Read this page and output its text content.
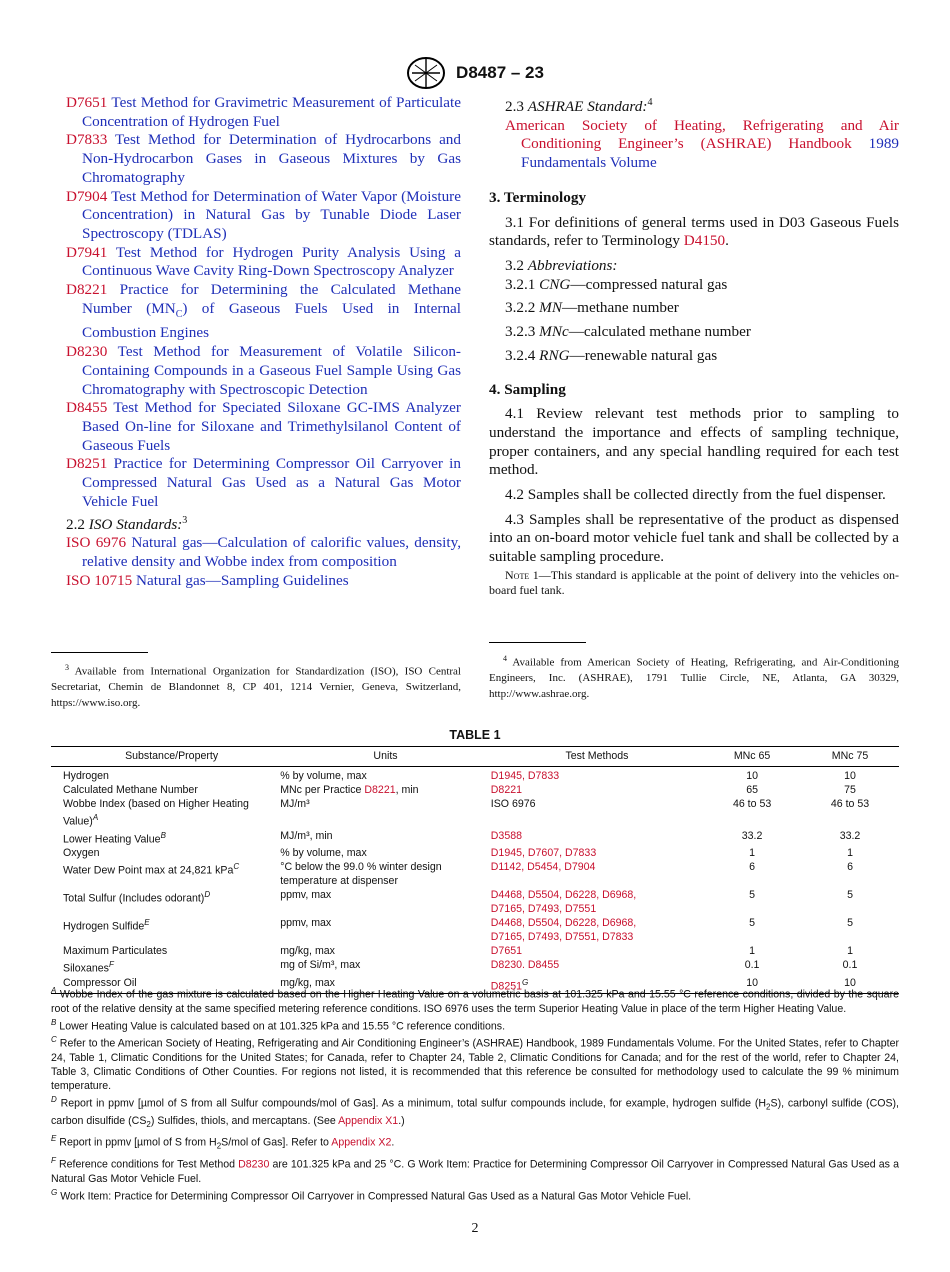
D8487 – 23

D7651 Test Method for Gravimetric Measurement of Particulate Concentration of Hydrogen Fuel

D7833 Test Method for Determination of Hydrocarbons and Non-Hydrocarbon Gases in Gaseous Mixtures by Gas Chromatography

D7904 Test Method for Determination of Water Vapor (Moisture Concentration) in Natural Gas by Tunable Diode Laser Spectroscopy (TDLAS)

D7941 Test Method for Hydrogen Purity Analysis Using a Continuous Wave Cavity Ring-Down Spectroscopy Analyzer

D8221 Practice for Determining the Calculated Methane Number $(MN_C)$ of Gaseous Fuels Used in Internal Combustion Engines

D8230 Test Method for Measurement of Volatile Silicon-Containing Compounds in a Gaseous Fuel Sample Using Gas Chromatography with Spectroscopic Detection

D8455 Test Method for Speciated Siloxane GC-IMS Analyzer Based On-line for Siloxane and Trimethylsilanol Content of Gaseous Fuels

D8251 Practice for Determining Compressor Oil Carryover in Compressed Natural Gas Used as a Natural Gas Motor Vehicle Fuel

2.2 ISO Standards:$^3$

ISO 6976 Natural gas—Calculation of calorific values, density, relative density and Wobbe index from composition

ISO 10715 Natural gas—Sampling Guidelines

$^3$ Available from International Organization for Standardization (ISO), ISO Central Secretariat, Chemin de Blandonnet 8, CP 401, 1214 Vernier, Geneva, Switzerland, https://www.iso.org.

2.3 ASHRAE Standard:$^4$

American Society of Heating, Refrigerating and Air Conditioning Engineer’s (ASHRAE) Handbook 1989 Fundamentals Volume

3. Terminology

3.1 For definitions of general terms used in D03 Gaseous Fuels standards, refer to Terminology D4150.

3.2 Abbreviations:

3.2.1 CNG—compressed natural gas

3.2.2 MN—methane number

3.2.3 MNc—calculated methane number

3.2.4 RNG—renewable natural gas

4. Sampling

4.1 Review relevant test methods prior to sampling to understand the importance and effects of sampling technique, proper containers, and any special handling required for each test method.

4.2 Samples shall be collected directly from the fuel dispenser.

4.3 Samples shall be representative of the product as dispensed into an on-board motor vehicle fuel tank and shall be collected by a suitable sampling procedure.

Note 1—This standard is applicable at the point of delivery into the vehicles on-board fuel tank.

$^4$ Available from American Society of Heating, Refrigerating, and Air-Conditioning Engineers, Inc. (ASHRAE), 1791 Tullie Circle, NE, Atlanta, GA 30329, http://www.ashrae.org.

TABLE 1
Substance/Property	Units	Test Methods	MNc 65	MNc 75
Hydrogen	% by volume, max	D1945, D7833	10	10
Calculated Methane Number	MNc per Practice D8221, min	D8221	65	75
Wobbe Index (based on Higher Heating Value)$^A$	MJ/m³	ISO 6976	46 to 53	46 to 53
Lower Heating Value$^B$	MJ/m³, min	D3588	33.2	33.2
Oxygen	% by volume, max	D1945, D7607, D7833	1	1
Water Dew Point max at 24,821 kPa$^C$	°C below the 99.0 % winter design temperature at dispenser	D1142, D5454, D7904	6	6
Total Sulfur (Includes odorant)$^D$	ppmv, max	D4468, D5504, D6228, D6968, D7165, D7493, D7551	5	5
Hydrogen Sulfide$^E$	ppmv, max	D4468, D5504, D6228, D6968, D7165, D7493, D7551, D7833	5	5
Maximum Particulates	mg/kg, max	D7651	1	1
Siloxanes$^F$	mg of Si/m³, max	D8230. D8455	0.1	0.1
Compressor Oil	mg/kg, max	$D8251^G$	10	10

$^A$ Wobbe Index of the gas mixture is calculated based on the Higher Heating Value on a volumetric basis at 101.325 kPa and 15.55 °C reference conditions, divided by the square root of the relative density at the same specified metering reference conditions. ISO 6976 uses the term Superior Heating Value in place of the term Higher Heating Value.

$^B$ Lower Heating Value is calculated based on at 101.325 kPa and 15.55 °C reference conditions.

$^C$ Refer to the American Society of Heating, Refrigerating and Air Conditioning Engineer’s (ASHRAE) Handbook, 1989 Fundamentals Volume. For the United States, refer to Chapter 24, Table 1, Climatic Conditions for the United States; for Canada, refer to Chapter 24, Table 2, Climatic Conditions for Canada; and for the rest of the world, refer to Chapter 24, Table 3, Climatic Conditions of Other Counties. For regions not listed, it is recommended that this reference be consulted for methodology used to calculate the 99 % minimum temperature.

$^D$ Report in ppmv [µmol of S from all Sulfur compounds/mol of Gas]. As a minimum, total sulfur compounds include, for example, hydrogen sulfide $(H_2S)$, carbonyl sulfide (COS), carbon disulfide $(CS_2)$ Sulfides, thiols, and mercaptans. (See Appendix X1.)

$^E$ Report in ppmv [µmol of S from $H_2S$/mol of Gas]. Refer to Appendix X2.

$^F$ Reference conditions for Test Method D8230 are 101.325 kPa and 25 °C. G Work Item: Practice for Determining Compressor Oil Carryover in Compressed Natural Gas Used as a Natural Gas Motor Vehicle Fuel.

$^G$ Work Item: Practice for Determining Compressor Oil Carryover in Compressed Natural Gas Used as a Natural Gas Motor Vehicle Fuel.

2
